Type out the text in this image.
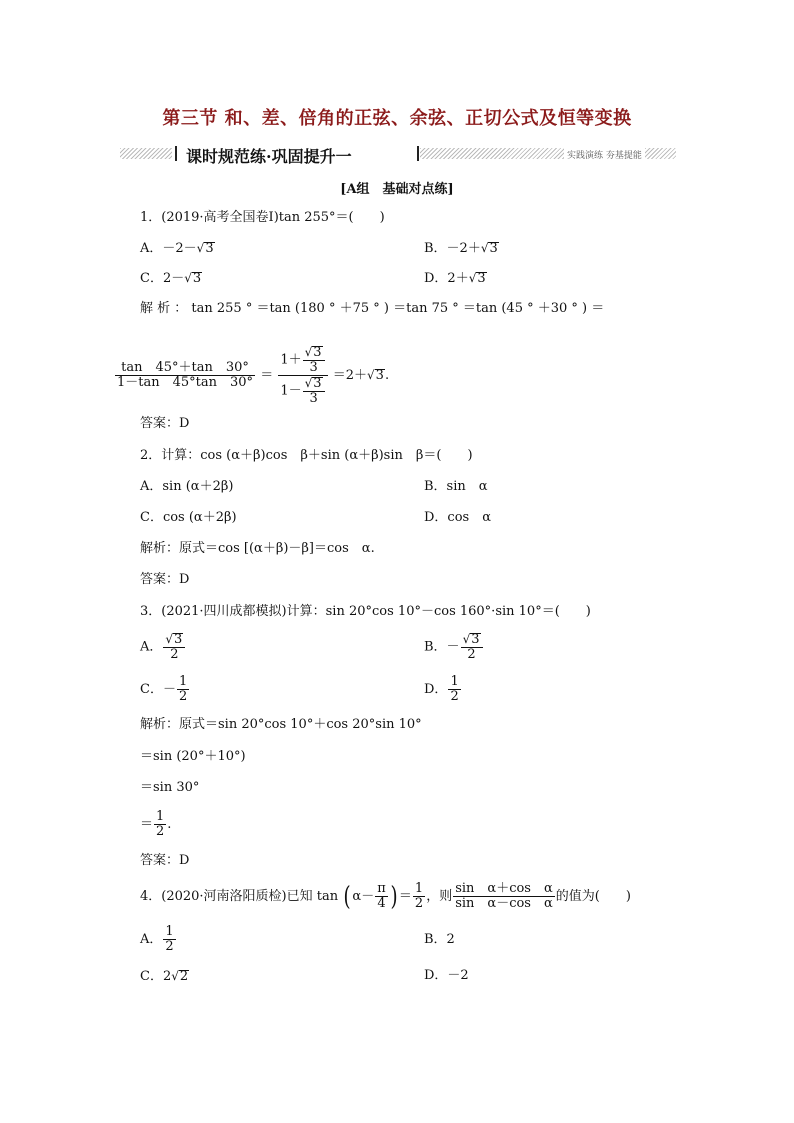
第三节 和、差、倍角的正弦、余弦、正切公式及恒等变换
课时规范练·巩固提升一	实践演练 夯基提能
[A组　基础对点练]
1．(2019·高考全国卷Ⅰ)tan 255°＝(　　)
A．－2－√3	B．－2＋√3
C．2－√3	D．2＋√3
解 析 ： tan 255 ° ＝tan (180 ° ＋75 ° ) ＝tan 75 ° ＝tan (45 ° ＋30 ° ) ＝
$\frac{\tan 45^\circ+\tan 30^\circ}{1-\tan 45^\circ\tan 30^\circ} = \frac{1+ \frac{√3}{3}}{1- \frac{√3}{3}} =2+√3$.
答案：D
2．计算：cos (α＋β)cos　β＋sin (α＋β)sin　β＝(　　)
A．sin (α＋2β)	B．sin　α
C．cos (α＋2β)	D．cos　α
解析：原式＝cos [(α＋β)－β]＝cos　α.
答案：D
3．(2021·四川成都模拟)计算：sin 20°cos 10°－cos 160°·sin 10°＝(　　)
A． $\frac{√3}{2}$	B．－ $\frac{√3}{2}$
C．－ $\frac{1}{2}$	D． $\frac{1}{2}$
解析：原式＝sin 20°cos 10°＋cos 20°sin 10°
＝sin (20°＋10°)
＝sin 30°
＝ $\frac{1}{2}$ .
答案：D
4．(2020·河南洛阳质检)已知 tan ( $\alpha- \frac{\pi}{4}$ ) ＝ $\frac{1}{2}$ ，则 $\frac{\text{sin　α＋cos　α}}{\text{sin　α－cos　α}}$ 的值为(　　)
A． $\frac{1}{2}$	B．2
C．2√2	D．－2
